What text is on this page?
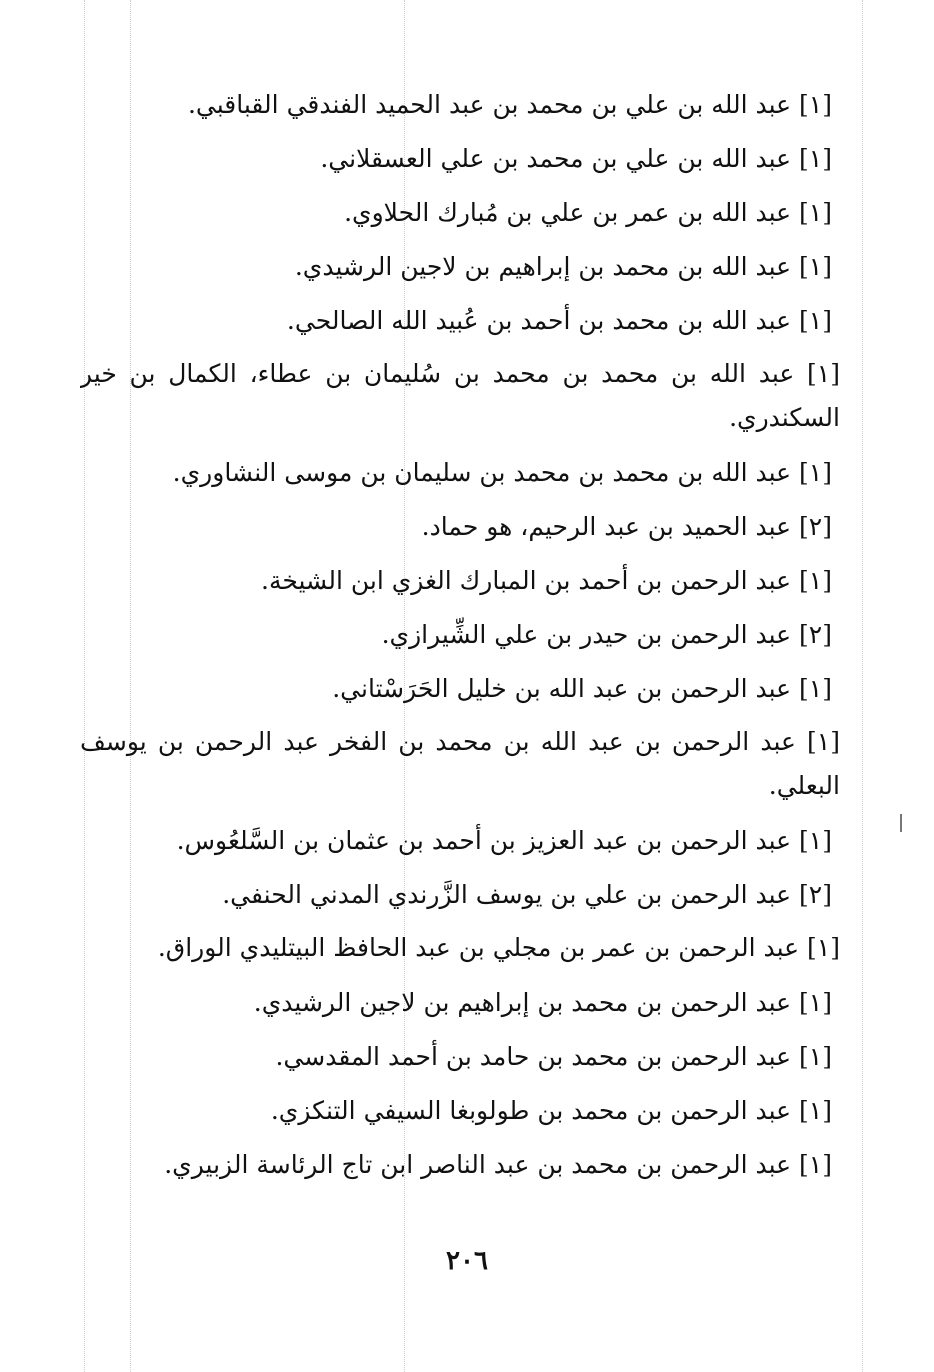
[١] عبد الله بن علي بن محمد بن عبد الحميد الفندقي القباقبي.
[١] عبد الله بن علي بن محمد بن علي العسقلاني.
[١] عبد الله بن عمر بن علي بن مُبارك الحلاوي.
[١] عبد الله بن محمد بن إبراهيم بن لاجين الرشيدي.
[١] عبد الله بن محمد بن أحمد بن عُبيد الله الصالحي.
[١] عبد الله بن محمد بن محمد بن سُليمان بن عطاء، الكمال بن خير السكندري.
[١] عبد الله بن محمد بن محمد بن سليمان بن موسى النشاوري.
[٢] عبد الحميد بن عبد الرحيم، هو حماد.
[١] عبد الرحمن بن أحمد بن المبارك الغزي ابن الشيخة.
[٢] عبد الرحمن بن حيدر بن علي الشِّيرازي.
[١] عبد الرحمن بن عبد الله بن خليل الحَرَسْتاني.
[١] عبد الرحمن بن عبد الله بن محمد بن الفخر عبد الرحمن بن يوسف البعلي.
[١] عبد الرحمن بن عبد العزيز بن أحمد بن عثمان بن السَّلعُوس.
[٢] عبد الرحمن بن علي بن يوسف الزَّرندي المدني الحنفي.
[١] عبد الرحمن بن عمر بن مجلي بن عبد الحافظ البيتليدي الوراق.
[١] عبد الرحمن بن محمد بن إبراهيم بن لاجين الرشيدي.
[١] عبد الرحمن بن محمد بن حامد بن أحمد المقدسي.
[١] عبد الرحمن بن محمد بن طولوبغا السيفي التنكزي.
[١] عبد الرحمن بن محمد بن عبد الناصر ابن تاج الرئاسة الزبيري.
٢٠٦
